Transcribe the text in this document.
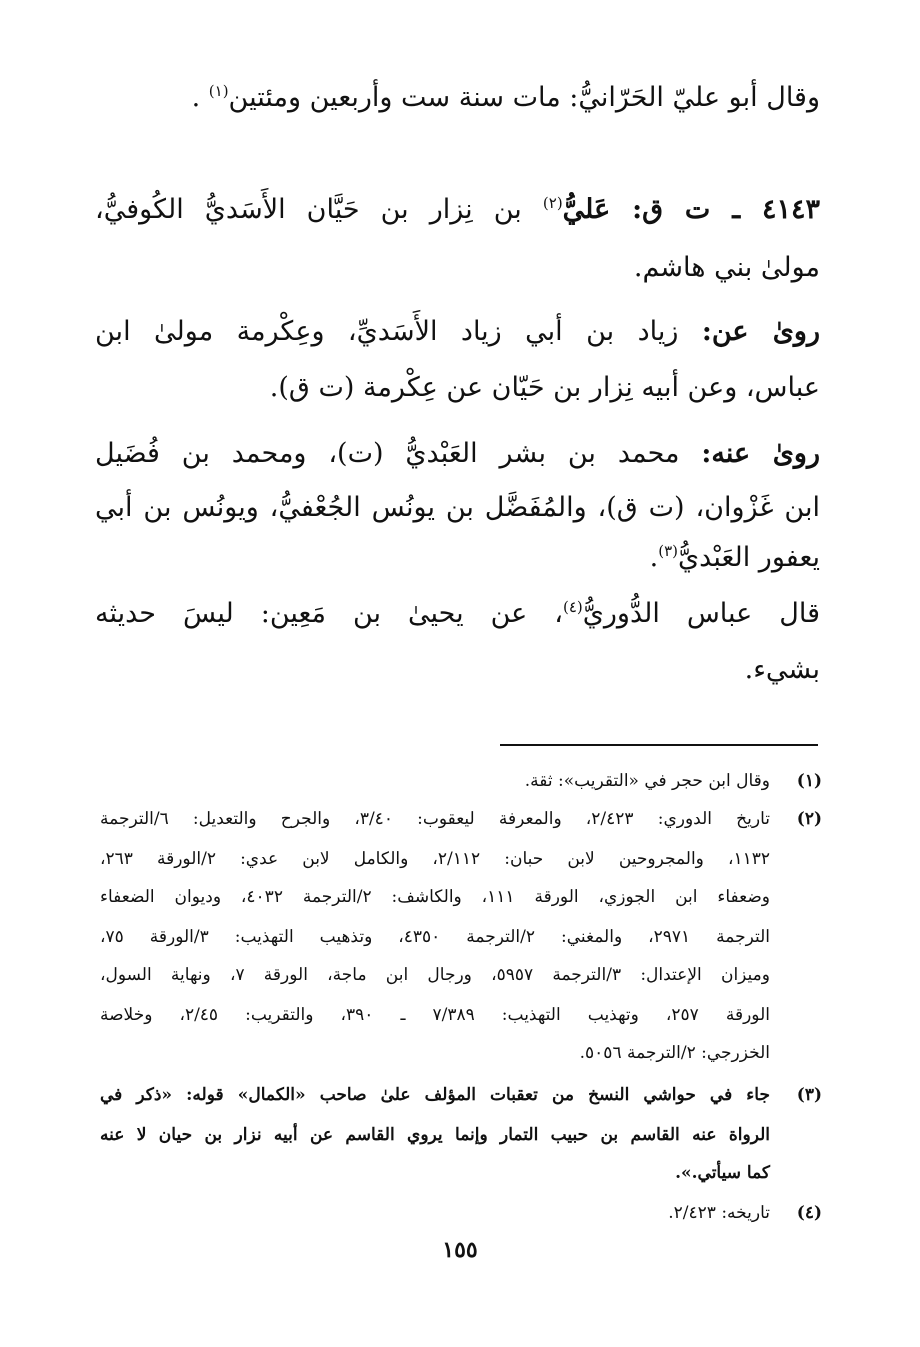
وقال أبو عليّ الحَرّانيُّ: مات سنة ست وأربعين ومئتين$^{(١)}$ .
٤١٤٣ ـ ت ق: عَليُّ$^{(٢)}$ بن نِزار بن حَيَّان الأَسَديُّ الكُوفيُّ،
مولىٰ بني هاشم.
روىٰ عن: زياد بن أبي زياد الأَسَديِّ، وعِكْرمة مولىٰ ابن
عباس، وعن أبيه نِزار بن حَيّان عن عِكْرمة (ت ق).
روىٰ عنه: محمد بن بشر العَبْديُّ (ت)، ومحمد بن فُضَيل
ابن غَزْوان، (ت ق)، والمُفَضَّل بن يونُس الجُعْفيُّ، ويونُس بن أبي
يعفور العَبْديُّ$^{(٣)}$.
قال عباس الدُّوريُّ$^{(٤)}$، عن يحيىٰ بن مَعِين: ليسَ حديثه
بشيء.
(١)
وقال ابن حجر في «التقريب»: ثقة.
(٢)
تاريخ الدوري: ٢/٤٢٣، والمعرفة ليعقوب: ٣/٤٠، والجرح والتعديل: ٦/الترجمة
١١٣٢، والمجروحين لابن حبان: ٢/١١٢، والكامل لابن عدي: ٢/الورقة ٢٦٣،
وضعفاء ابن الجوزي، الورقة ١١١، والكاشف: ٢/الترجمة ٤٠٣٢، وديوان الضعفاء
الترجمة ٢٩٧١، والمغني: ٢/الترجمة ٤٣٥٠، وتذهيب التهذيب: ٣/الورقة ٧٥،
وميزان الإعتدال: ٣/الترجمة ٥٩٥٧، ورجال ابن ماجة، الورقة ٧، ونهاية السول،
الورقة ٢٥٧، وتهذيب التهذيب: ٧/٣٨٩ ـ ٣٩٠، والتقريب: ٢/٤٥، وخلاصة
الخزرجي: ٢/الترجمة ٥٠٥٦.
(٣)
جاء في حواشي النسخ من تعقبات المؤلف علىٰ صاحب «الكمال» قوله: «ذكر في
الرواة عنه القاسم بن حبيب التمار وإنما يروي القاسم عن أبيه نزار بن حيان لا عنه
كما سيأتي.».
(٤)
تاريخه: ٢/٤٢٣.
١٥٥
